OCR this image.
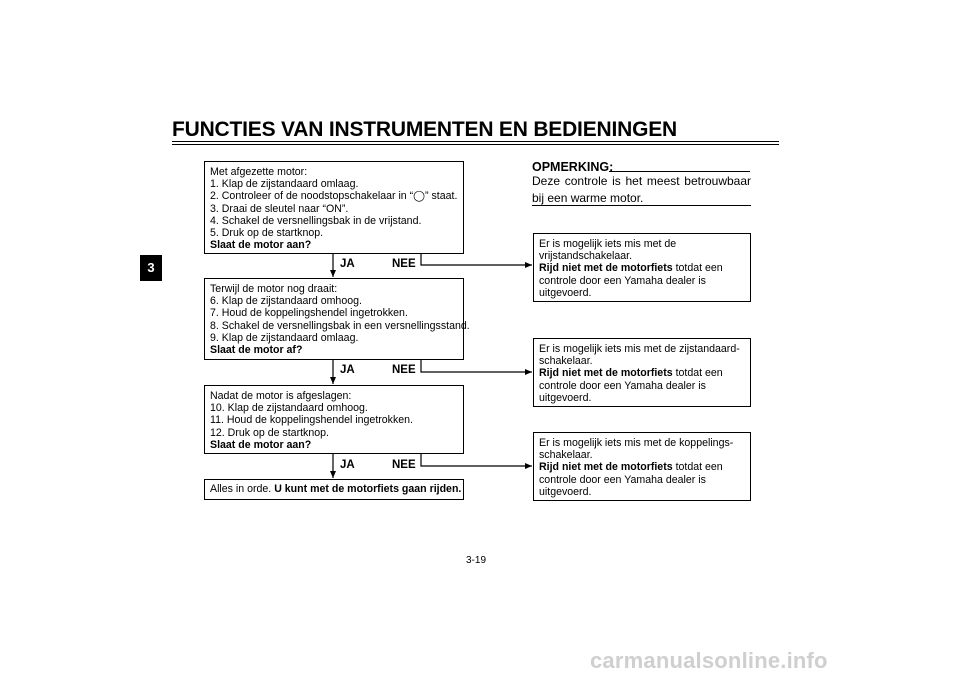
FUNCTIES VAN INSTRUMENTEN EN BEDIENINGEN
3
Met afgezette motor:
1. Klap de zijstandaard omlaag.
2. Controleer of de noodstopschakelaar in “◯” staat.
3. Draai de sleutel naar “ON”.
4. Schakel de versnellingsbak in de vrijstand.
5. Druk op de startknop.
Slaat de motor aan?
JA	NEE
Terwijl de motor nog draait:
6. Klap de zijstandaard omhoog.
7. Houd de koppelingshendel ingetrokken.
8. Schakel de versnellingsbak in een versnellingsstand.
9. Klap de zijstandaard omlaag.
Slaat de motor af?
JA	NEE
Nadat de motor is afgeslagen:
10. Klap de zijstandaard omhoog.
11. Houd de koppelingshendel ingetrokken.
12. Druk op de startknop.
Slaat de motor aan?
JA	NEE
Alles in orde. U kunt met de motorfiets gaan rijden.
Er is mogelijk iets mis met de
vrijstandschakelaar.
Rijd niet met de motorfiets totdat een
controle door een Yamaha dealer is
uitgevoerd.
Er is mogelijk iets mis met de zijstandaard-
schakelaar.
Rijd niet met de motorfiets totdat een
controle door een Yamaha dealer is
uitgevoerd.
Er is mogelijk iets mis met de koppelings-
schakelaar.
Rijd niet met de motorfiets totdat een
controle door een Yamaha dealer is
uitgevoerd.
OPMERKING:
Deze controle is het meest betrouwbaar bij een warme motor.
3-19
carmanualsonline.info
